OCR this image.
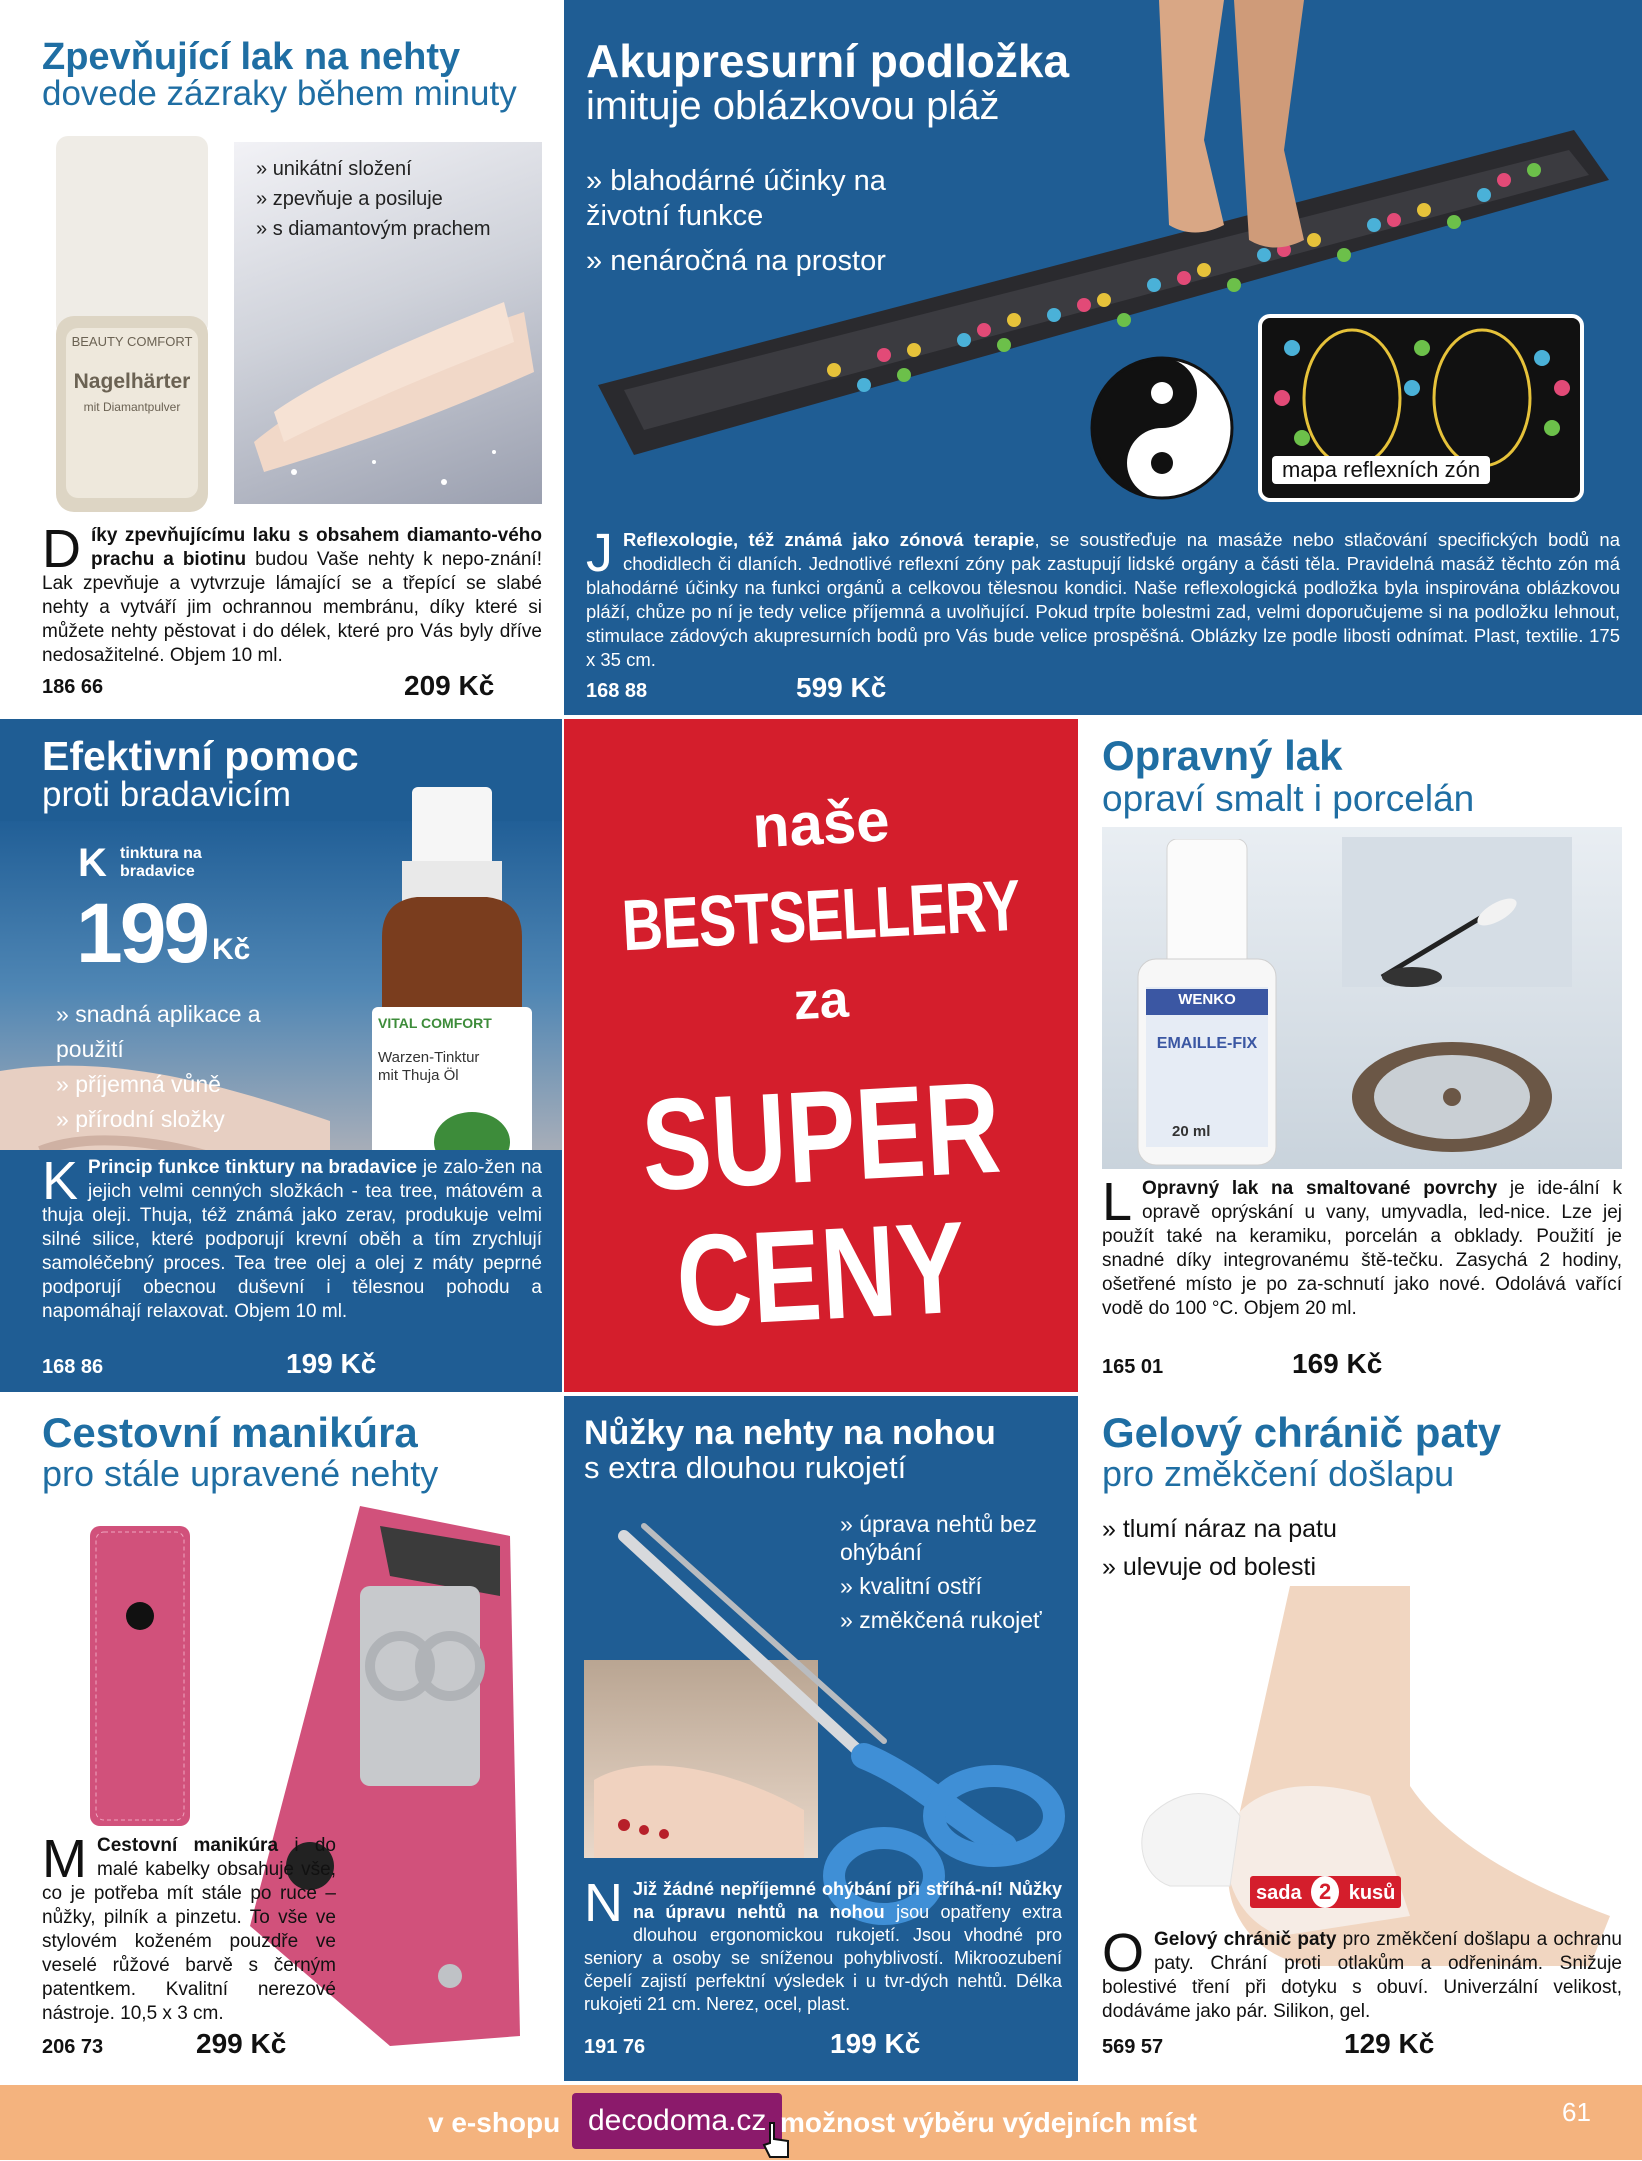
Zpevňující lak na nehty

dovede zázraky během minuty

BEAUTY COMFORT
Nagelhärter
mit Diamantpulver
» unikátní složení
» zpevňuje a posiluje
» s diamantovým prachem

Díky zpevňujícímu laku s obsahem diamanto-vého prachu a biotinu budou Vaše nehty k nepo-znání! Lak zpevňuje a vytvrzuje lámající se a třepící se slabé nehty a vytváří jim ochrannou membránu, díky které si můžete nehty pěstovat i do délek, které pro Vás byly dříve nedosažitelné. Objem 10 ml.

186 66	209 Kč
Akupresurní podložka

imituje oblázkovou pláž

» blahodárné účinky na životní funkce
» nenáročná na prostor
mapa reflexních zón

J Reflexologie, též známá jako zónová terapie, se soustřeďuje na masáže nebo stlačování specifických bodů na chodidlech či dlaních. Jednotlivé reflexní zóny pak zastupují lidské orgány a části těla. Pravidelná masáž těchto zón má blahodárné účinky na funkci orgánů a celkovou tělesnou kondici. Naše reflexologická podložka byla inspirována oblázkovou pláží, chůze po ní je tedy velice příjemná a uvolňující. Pokud trpíte bolestmi zad, velmi doporučujeme si na podložku lehnout, stimulace zádových akupresurních bodů pro Vás bude velice prospěšná. Oblázky lze podle libosti odnímat. Plast, textilie. 175 x 35 cm.

168 88	599 Kč
Efektivní pomoc

proti bradavicím

K tinktura na bradavice
199 Kč
» snadná aplikace a použití
» příjemná vůně
» přírodní složky
VITAL COMFORT
Warzen-Tinktur mit Thuja Öl

K Princip funkce tinktury na bradavice je zalo-žen na jejich velmi cenných složkách - tea tree, mátovém a thuja oleji. Thuja, též známá jako zerav, produkuje velmi silné silice, které podporují krevní oběh a tím zrychlují samoléčebný proces. Tea tree olej a olej z máty peprné podporují obecnou duševní i tělesnou pohodu a napomáhají relaxovat. Objem 10 ml.

168 86	199 Kč
naše
BESTSELLERY
za
SUPER
CENY
Opravný lak

opraví smalt i porcelán

WENKO
EMAILLE-FIX
20 ml

L Opravný lak na smaltované povrchy je ide-ální k opravě oprýskání u vany, umyvadla, led-nice. Lze jej použít také na keramiku, porcelán a obklady. Použití je snadné díky integrovanému ště-tečku. Zasychá 2 hodiny, ošetřené místo je po za-schnutí jako nové. Odolává vařící vodě do 100 °C. Objem 20 ml.

165 01	169 Kč
Cestovní manikúra

pro stále upravené nehty

M Cestovní manikúra i do malé kabelky obsahuje vše, co je potřeba mít stále po ruce – nůžky, pilník a pinzetu. To vše ve stylovém koženém pouzdře ve veselé růžové barvě s černým patentkem. Kvalitní nerezové nástroje. 10,5 x 3 cm.

206 73	299 Kč
Nůžky na nehty na nohou

s extra dlouhou rukojetí

» úprava nehtů bez ohýbání
» kvalitní ostří
» změkčená rukojeť

N Již žádné nepříjemné ohýbání při stříhá-ní! Nůžky na úpravu nehtů na nohou jsou opatřeny extra dlouhou ergonomickou rukojetí. Jsou vhodné pro seniory a osoby se sníženou pohyblivostí. Mikroozubení čepelí zajistí perfektní výsledek i u tvr-dých nehtů. Délka rukojeti 21 cm. Nerez, ocel, plast.

191 76	199 Kč
Gelový chránič paty

pro změkčení došlapu

» tlumí náraz na patu
» ulevuje od bolesti
sada 2 kusů

O Gelový chránič paty pro změkčení došlapu a ochranu paty. Chrání proti otlakům a odřeninám. Snižuje bolestivé tření při dotyku s obuví. Univerzální velikost, dodáváme jako pár. Silikon, gel.

569 57	129 Kč
v e-shopu decodoma.cz možnost výběru výdejních míst	61
